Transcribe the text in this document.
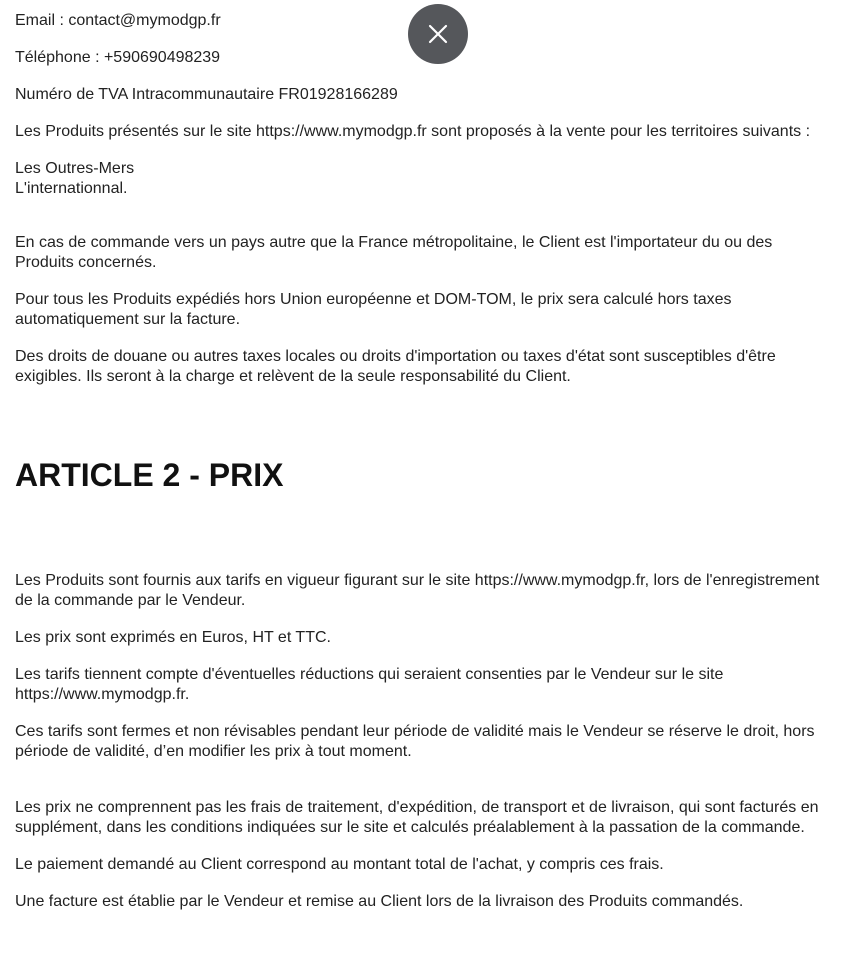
Email : contact@mymodgp.fr

Téléphone : +590690498239

Numéro de TVA Intracommunautaire FR01928166289

Les Produits présentés sur le site https://www.mymodgp.fr sont proposés à la vente pour les territoires suivants :

Les Outres-Mers
L'internationnal.

En cas de commande vers un pays autre que la France métropolitaine, le Client est l'importateur du ou des Produits concernés.

Pour tous les Produits expédiés hors Union européenne et DOM-TOM, le prix sera calculé hors taxes automatiquement sur la facture.

Des droits de douane ou autres taxes locales ou droits d'importation ou taxes d'état sont susceptibles d'être exigibles. Ils seront à la charge et relèvent de la seule responsabilité du Client.

ARTICLE 2 - PRIX

Les Produits sont fournis aux tarifs en vigueur figurant sur le site https://www.mymodgp.fr, lors de l'enregistrement de la commande par le Vendeur.

Les prix sont exprimés en Euros, HT et TTC.

Les tarifs tiennent compte d'éventuelles réductions qui seraient consenties par le Vendeur sur le site https://www.mymodgp.fr.

Ces tarifs sont fermes et non révisables pendant leur période de validité mais le Vendeur se réserve le droit, hors période de validité, d’en modifier les prix à tout moment.

Les prix ne comprennent pas les frais de traitement, d'expédition, de transport et de livraison, qui sont facturés en supplément, dans les conditions indiquées sur le site et calculés préalablement à la passation de la commande.

Le paiement demandé au Client correspond au montant total de l'achat, y compris ces frais.

Une facture est établie par le Vendeur et remise au Client lors de la livraison des Produits commandés.
